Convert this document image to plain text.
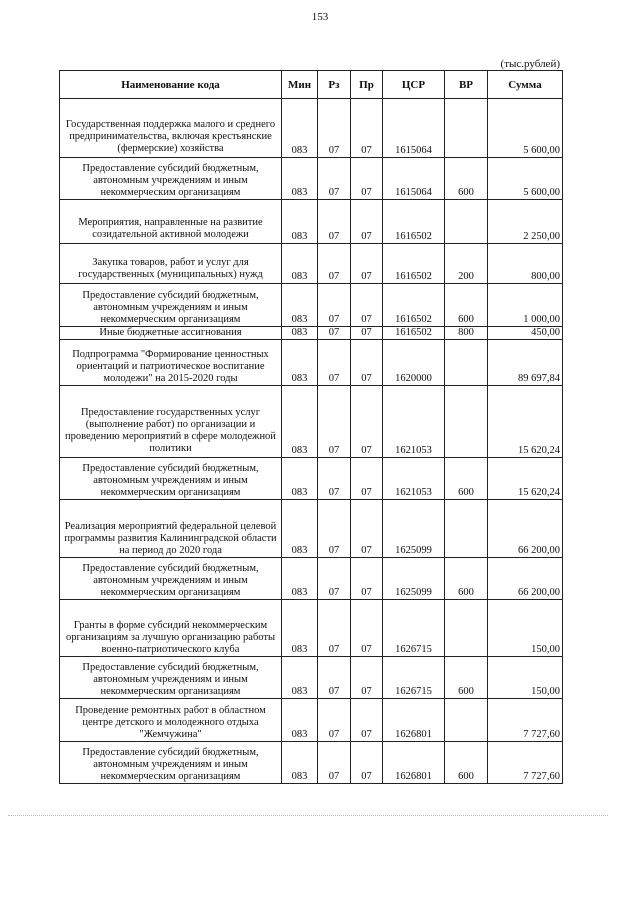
153
(тыс.рублей)
Наименование кода	Мин	Рз	Пр	ЦСР	ВР	Сумма
Государственная поддержка малого и среднего предпринимательства, включая крестьянские (фермерские) хозяйства	083	07	07	1615064		5 600,00
Предоставление субсидий бюджетным, автономным учреждениям и иным некоммерческим организациям	083	07	07	1615064	600	5 600,00
Мероприятия, направленные на развитие созидательной активной молодежи	083	07	07	1616502		2 250,00
Закупка товаров, работ и услуг для государственных (муниципальных) нужд	083	07	07	1616502	200	800,00
Предоставление субсидий бюджетным, автономным учреждениям и иным некоммерческим организациям	083	07	07	1616502	600	1 000,00
Иные бюджетные ассигнования	083	07	07	1616502	800	450,00
Подпрограмма "Формирование ценностных ориентаций и патриотическое воспитание молодежи" на 2015-2020 годы	083	07	07	1620000		89 697,84
Предоставление государственных услуг (выполнение работ) по организации и проведению мероприятий в сфере молодежной политики	083	07	07	1621053		15 620,24
Предоставление субсидий бюджетным, автономным учреждениям и иным некоммерческим организациям	083	07	07	1621053	600	15 620,24
Реализация мероприятий федеральной целевой программы развития Калининградской области на период до 2020 года	083	07	07	1625099		66 200,00
Предоставление субсидий бюджетным, автономным учреждениям и иным некоммерческим организациям	083	07	07	1625099	600	66 200,00
Гранты в форме субсидий некоммерческим организациям за лучшую организацию работы военно-патриотического клуба	083	07	07	1626715		150,00
Предоставление субсидий бюджетным, автономным учреждениям и иным некоммерческим организациям	083	07	07	1626715	600	150,00
Проведение ремонтных работ в областном центре детского и молодежного отдыха "Жемчужина"	083	07	07	1626801		7 727,60
Предоставление субсидий бюджетным, автономным учреждениям и иным некоммерческим организациям	083	07	07	1626801	600	7 727,60
